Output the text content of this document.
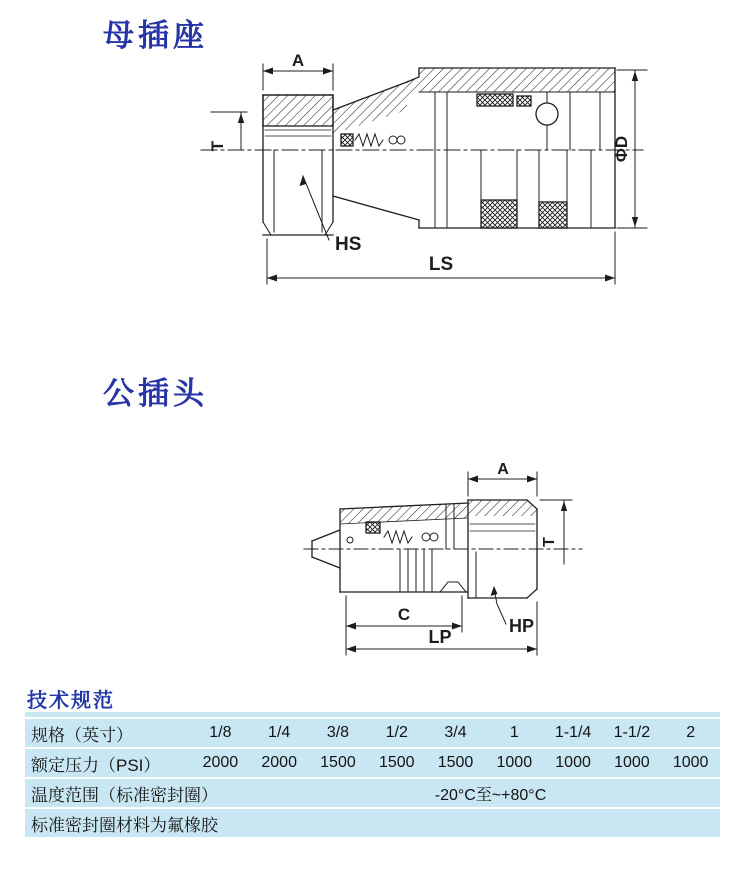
母插座
A
T	ΦD
HS
LS
公插头
A
T
C
HP
LP
技术规范
规格（英寸）	1/8	1/4	3/8	1/2	3/4	1	1-1/4	1-1/2	2
额定压力（PSI）	2000	2000	1500	1500	1500	1000	1000	1000	1000
温度范围（标准密封圈）	-20°C至~+80°C
标准密封圈材料为氟橡胶
